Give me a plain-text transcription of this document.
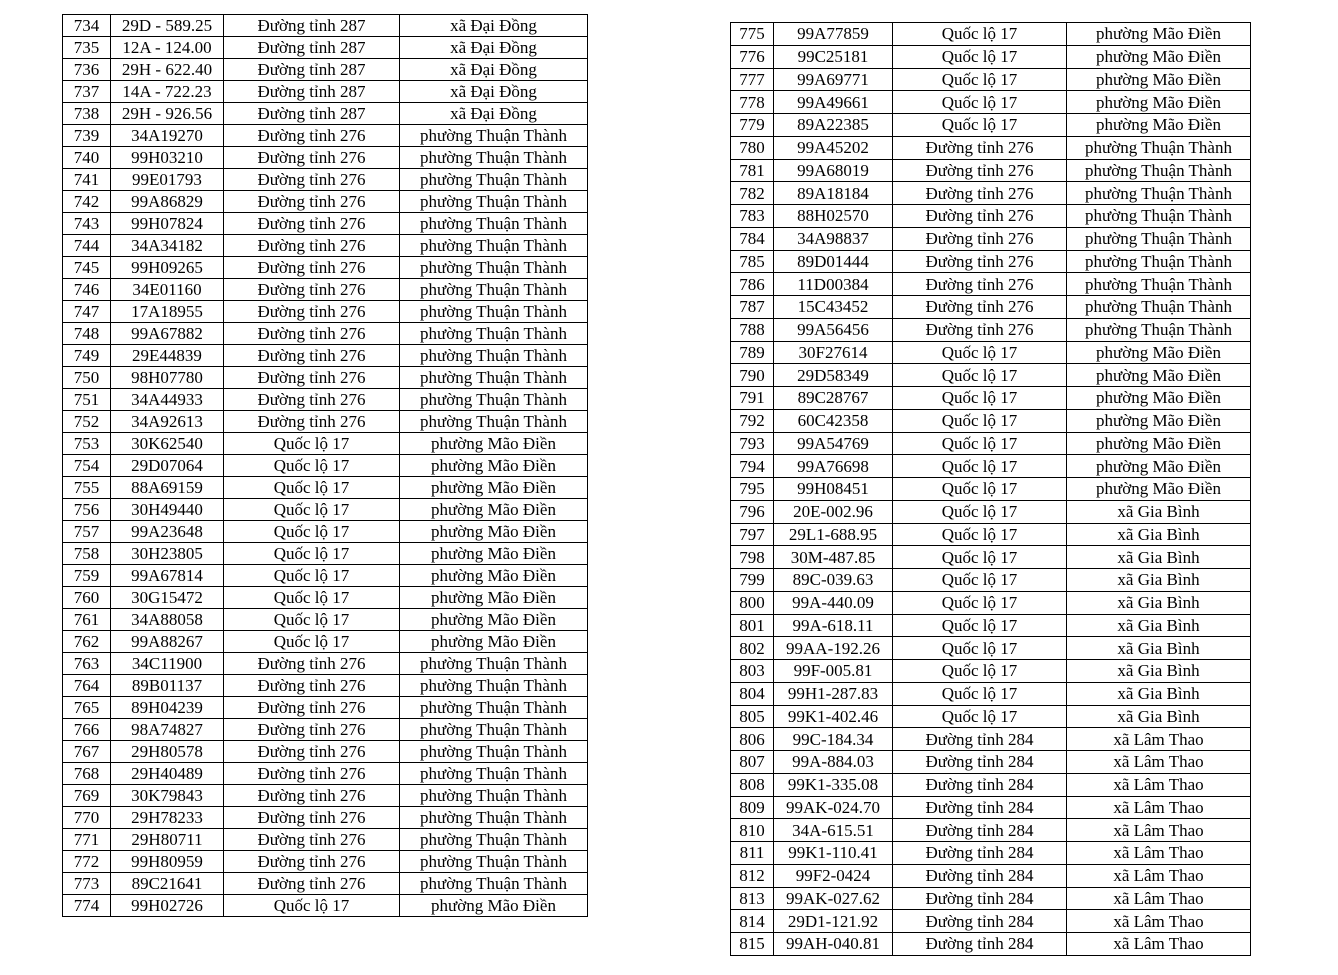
734	29D - 589.25	Đường tỉnh 287	xã Đại Đồng
735	12A - 124.00	Đường tỉnh 287	xã Đại Đồng
736	29H - 622.40	Đường tỉnh 287	xã Đại Đồng
737	14A - 722.23	Đường tỉnh 287	xã Đại Đồng
738	29H - 926.56	Đường tỉnh 287	xã Đại Đồng
739	34A19270	Đường tỉnh 276	phường Thuận Thành
740	99H03210	Đường tỉnh 276	phường Thuận Thành
741	99E01793	Đường tỉnh 276	phường Thuận Thành
742	99A86829	Đường tỉnh 276	phường Thuận Thành
743	99H07824	Đường tỉnh 276	phường Thuận Thành
744	34A34182	Đường tỉnh 276	phường Thuận Thành
745	99H09265	Đường tỉnh 276	phường Thuận Thành
746	34E01160	Đường tỉnh 276	phường Thuận Thành
747	17A18955	Đường tỉnh 276	phường Thuận Thành
748	99A67882	Đường tỉnh 276	phường Thuận Thành
749	29E44839	Đường tỉnh 276	phường Thuận Thành
750	98H07780	Đường tỉnh 276	phường Thuận Thành
751	34A44933	Đường tỉnh 276	phường Thuận Thành
752	34A92613	Đường tỉnh 276	phường Thuận Thành
753	30K62540	Quốc lộ 17	phường Mão Điền
754	29D07064	Quốc lộ 17	phường Mão Điền
755	88A69159	Quốc lộ 17	phường Mão Điền
756	30H49440	Quốc lộ 17	phường Mão Điền
757	99A23648	Quốc lộ 17	phường Mão Điền
758	30H23805	Quốc lộ 17	phường Mão Điền
759	99A67814	Quốc lộ 17	phường Mão Điền
760	30G15472	Quốc lộ 17	phường Mão Điền
761	34A88058	Quốc lộ 17	phường Mão Điền
762	99A88267	Quốc lộ 17	phường Mão Điền
763	34C11900	Đường tỉnh 276	phường Thuận Thành
764	89B01137	Đường tỉnh 276	phường Thuận Thành
765	89H04239	Đường tỉnh 276	phường Thuận Thành
766	98A74827	Đường tỉnh 276	phường Thuận Thành
767	29H80578	Đường tỉnh 276	phường Thuận Thành
768	29H40489	Đường tỉnh 276	phường Thuận Thành
769	30K79843	Đường tỉnh 276	phường Thuận Thành
770	29H78233	Đường tỉnh 276	phường Thuận Thành
771	29H80711	Đường tỉnh 276	phường Thuận Thành
772	99H80959	Đường tỉnh 276	phường Thuận Thành
773	89C21641	Đường tỉnh 276	phường Thuận Thành
774	99H02726	Quốc lộ 17	phường Mão Điền
775	99A77859	Quốc lộ 17	phường Mão Điền
776	99C25181	Quốc lộ 17	phường Mão Điền
777	99A69771	Quốc lộ 17	phường Mão Điền
778	99A49661	Quốc lộ 17	phường Mão Điền
779	89A22385	Quốc lộ 17	phường Mão Điền
780	99A45202	Đường tỉnh 276	phường Thuận Thành
781	99A68019	Đường tỉnh 276	phường Thuận Thành
782	89A18184	Đường tỉnh 276	phường Thuận Thành
783	88H02570	Đường tỉnh 276	phường Thuận Thành
784	34A98837	Đường tỉnh 276	phường Thuận Thành
785	89D01444	Đường tỉnh 276	phường Thuận Thành
786	11D00384	Đường tỉnh 276	phường Thuận Thành
787	15C43452	Đường tỉnh 276	phường Thuận Thành
788	99A56456	Đường tỉnh 276	phường Thuận Thành
789	30F27614	Quốc lộ 17	phường Mão Điền
790	29D58349	Quốc lộ 17	phường Mão Điền
791	89C28767	Quốc lộ 17	phường Mão Điền
792	60C42358	Quốc lộ 17	phường Mão Điền
793	99A54769	Quốc lộ 17	phường Mão Điền
794	99A76698	Quốc lộ 17	phường Mão Điền
795	99H08451	Quốc lộ 17	phường Mão Điền
796	20E-002.96	Quốc lộ 17	xã Gia Bình
797	29L1-688.95	Quốc lộ 17	xã Gia Bình
798	30M-487.85	Quốc lộ 17	xã Gia Bình
799	89C-039.63	Quốc lộ 17	xã Gia Bình
800	99A-440.09	Quốc lộ 17	xã Gia Bình
801	99A-618.11	Quốc lộ 17	xã Gia Bình
802	99AA-192.26	Quốc lộ 17	xã Gia Bình
803	99F-005.81	Quốc lộ 17	xã Gia Bình
804	99H1-287.83	Quốc lộ 17	xã Gia Bình
805	99K1-402.46	Quốc lộ 17	xã Gia Bình
806	99C-184.34	Đường tỉnh 284	xã Lâm Thao
807	99A-884.03	Đường tỉnh 284	xã Lâm Thao
808	99K1-335.08	Đường tỉnh 284	xã Lâm Thao
809	99AK-024.70	Đường tỉnh 284	xã Lâm Thao
810	34A-615.51	Đường tỉnh 284	xã Lâm Thao
811	99K1-110.41	Đường tỉnh 284	xã Lâm Thao
812	99F2-0424	Đường tỉnh 284	xã Lâm Thao
813	99AK-027.62	Đường tỉnh 284	xã Lâm Thao
814	29D1-121.92	Đường tỉnh 284	xã Lâm Thao
815	99AH-040.81	Đường tỉnh 284	xã Lâm Thao
